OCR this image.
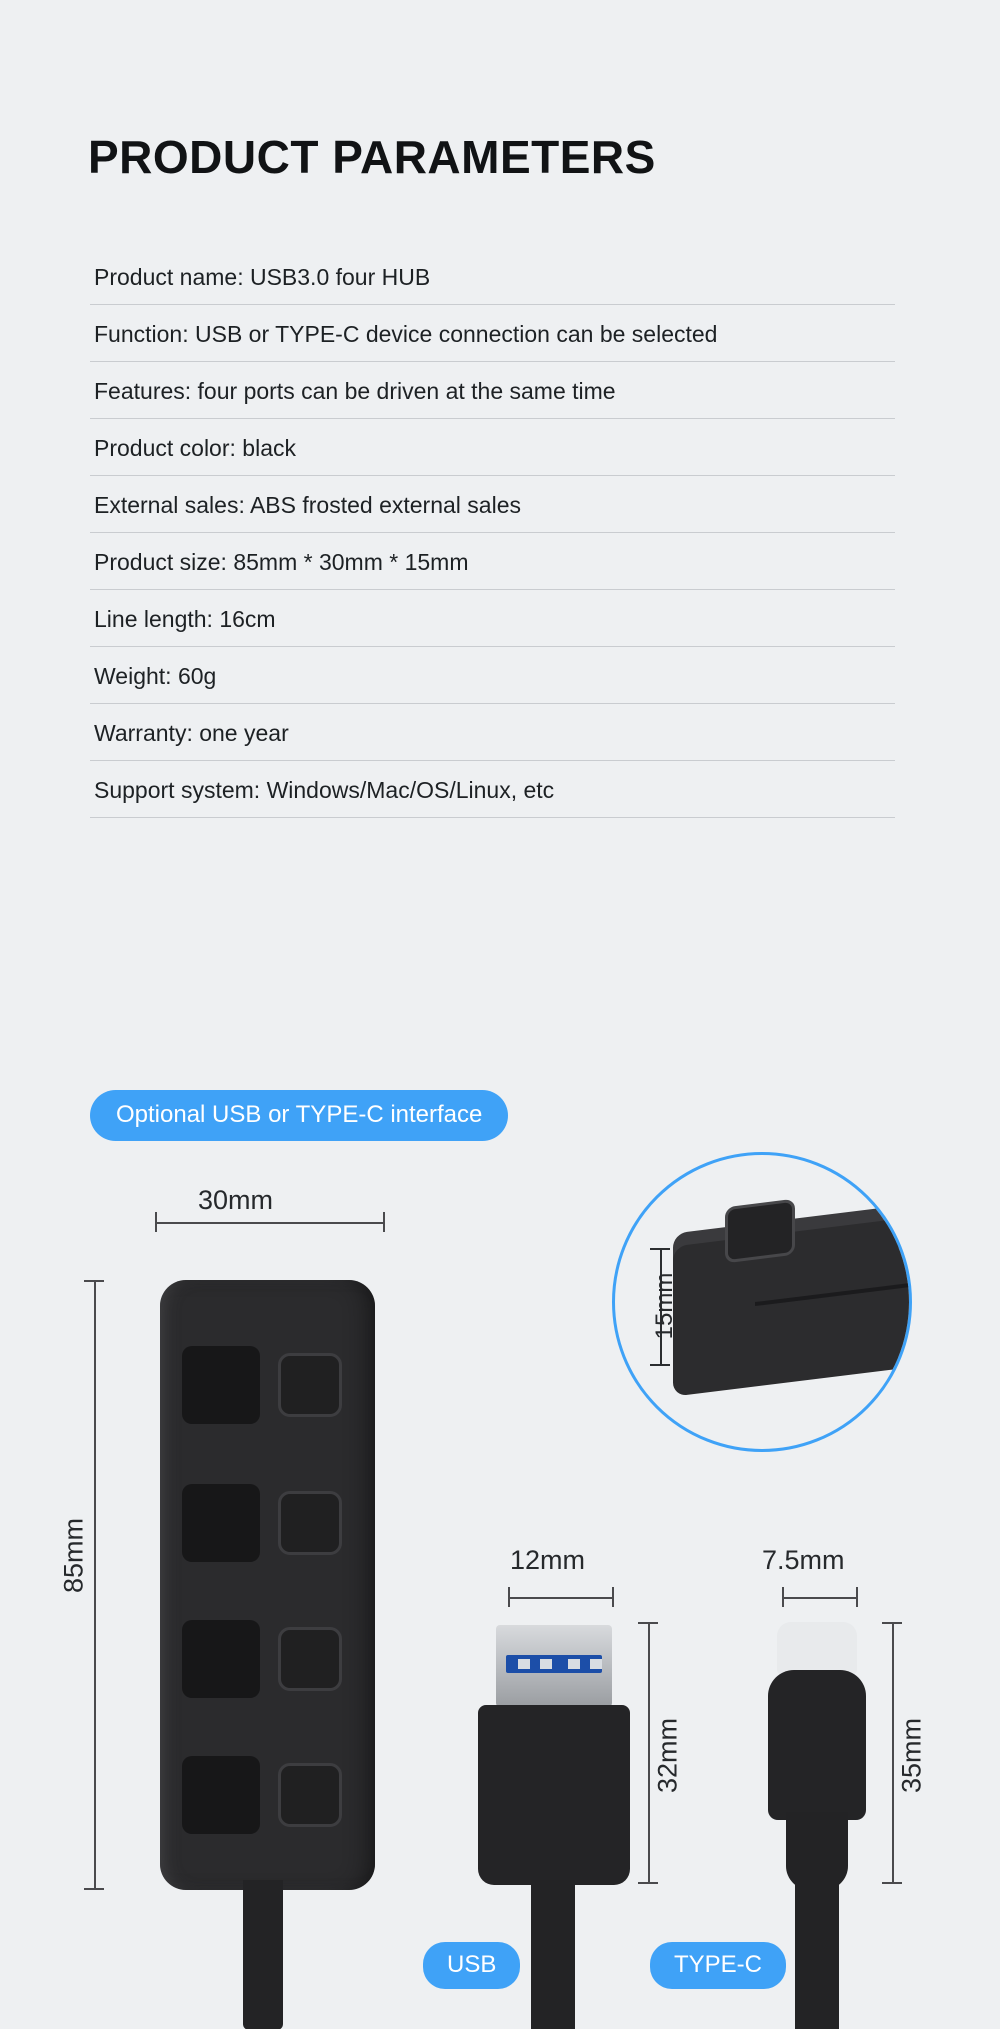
PRODUCT PARAMETERS
Product name: USB3.0 four HUB
Function: USB or TYPE-C device connection can be selected
Features: four ports can be driven at the same time
Product color: black
External sales: ABS frosted external sales
Product size: 85mm * 30mm * 15mm
Line length: 16cm
Weight: 60g
Warranty: one year
Support system: Windows/Mac/OS/Linux, etc
Optional USB or TYPE-C interface
30mm
85mm
15mm
12mm
32mm
7.5mm
35mm
USB	TYPE-C
